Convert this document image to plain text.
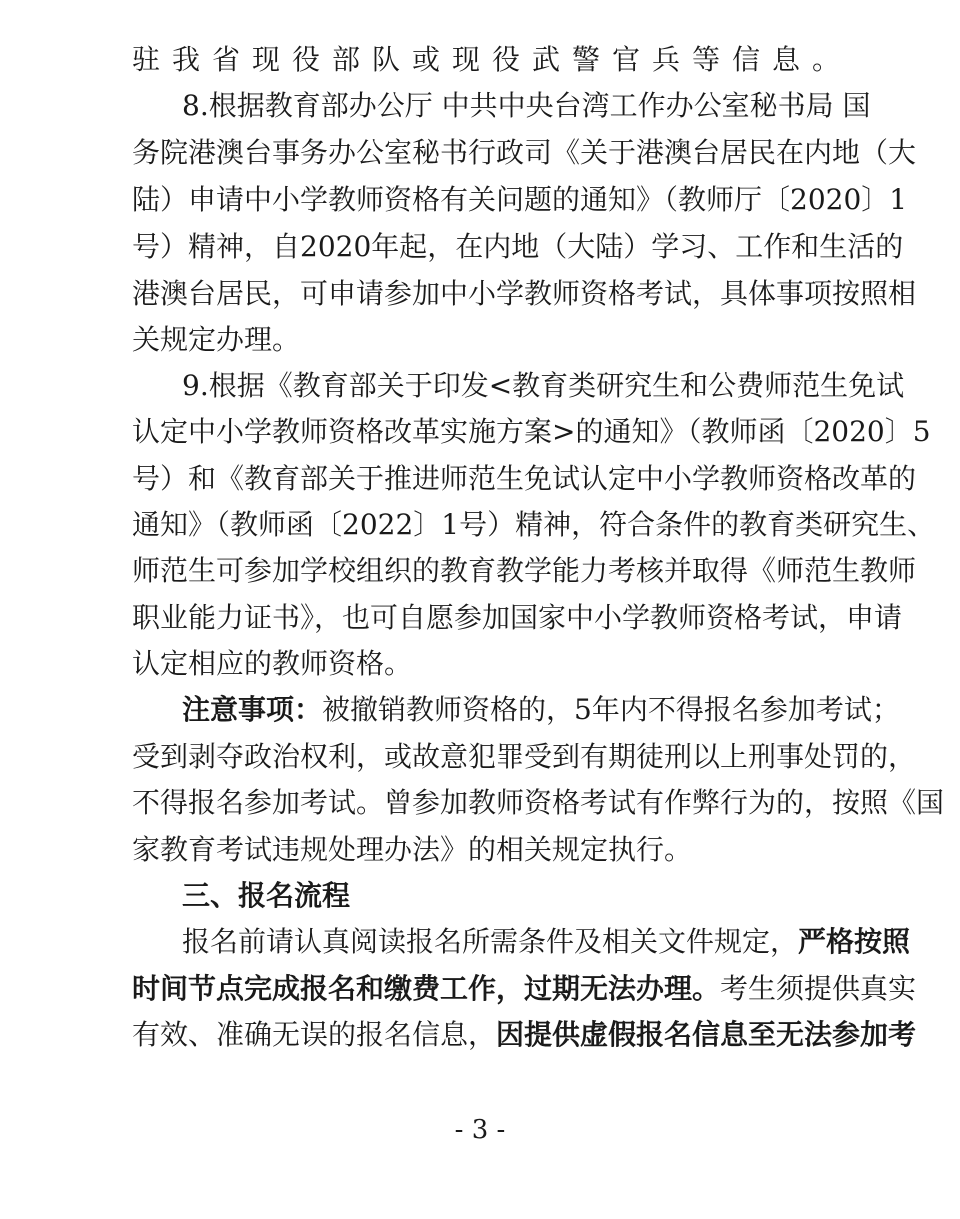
驻我省现役部队或现役武警官兵等信息。
8.根据教育部办公厅 中共中央台湾工作办公室秘书局 国
务院港澳台事务办公室秘书行政司《关于港澳台居民在内地（大
陆）申请中小学教师资格有关问题的通知》（教师厅〔2020〕1
号）精神，自2020年起，在内地（大陆）学习、工作和生活的
港澳台居民，可申请参加中小学教师资格考试，具体事项按照相
关规定办理。
9.根据《教育部关于印发<教育类研究生和公费师范生免试
认定中小学教师资格改革实施方案>的通知》（教师函〔2020〕5
号）和《教育部关于推进师范生免试认定中小学教师资格改革的
通知》（教师函〔2022〕1号）精神，符合条件的教育类研究生、
师范生可参加学校组织的教育教学能力考核并取得《师范生教师
职业能力证书》，也可自愿参加国家中小学教师资格考试，申请
认定相应的教师资格。
注意事项：被撤销教师资格的，5年内不得报名参加考试；
受到剥夺政治权利，或故意犯罪受到有期徒刑以上刑事处罚的，
不得报名参加考试。曾参加教师资格考试有作弊行为的，按照《国
家教育考试违规处理办法》的相关规定执行。
三、报名流程
报名前请认真阅读报名所需条件及相关文件规定，严格按照
时间节点完成报名和缴费工作，过期无法办理。考生须提供真实
有效、准确无误的报名信息，因提供虚假报名信息至无法参加考
- 3 -
